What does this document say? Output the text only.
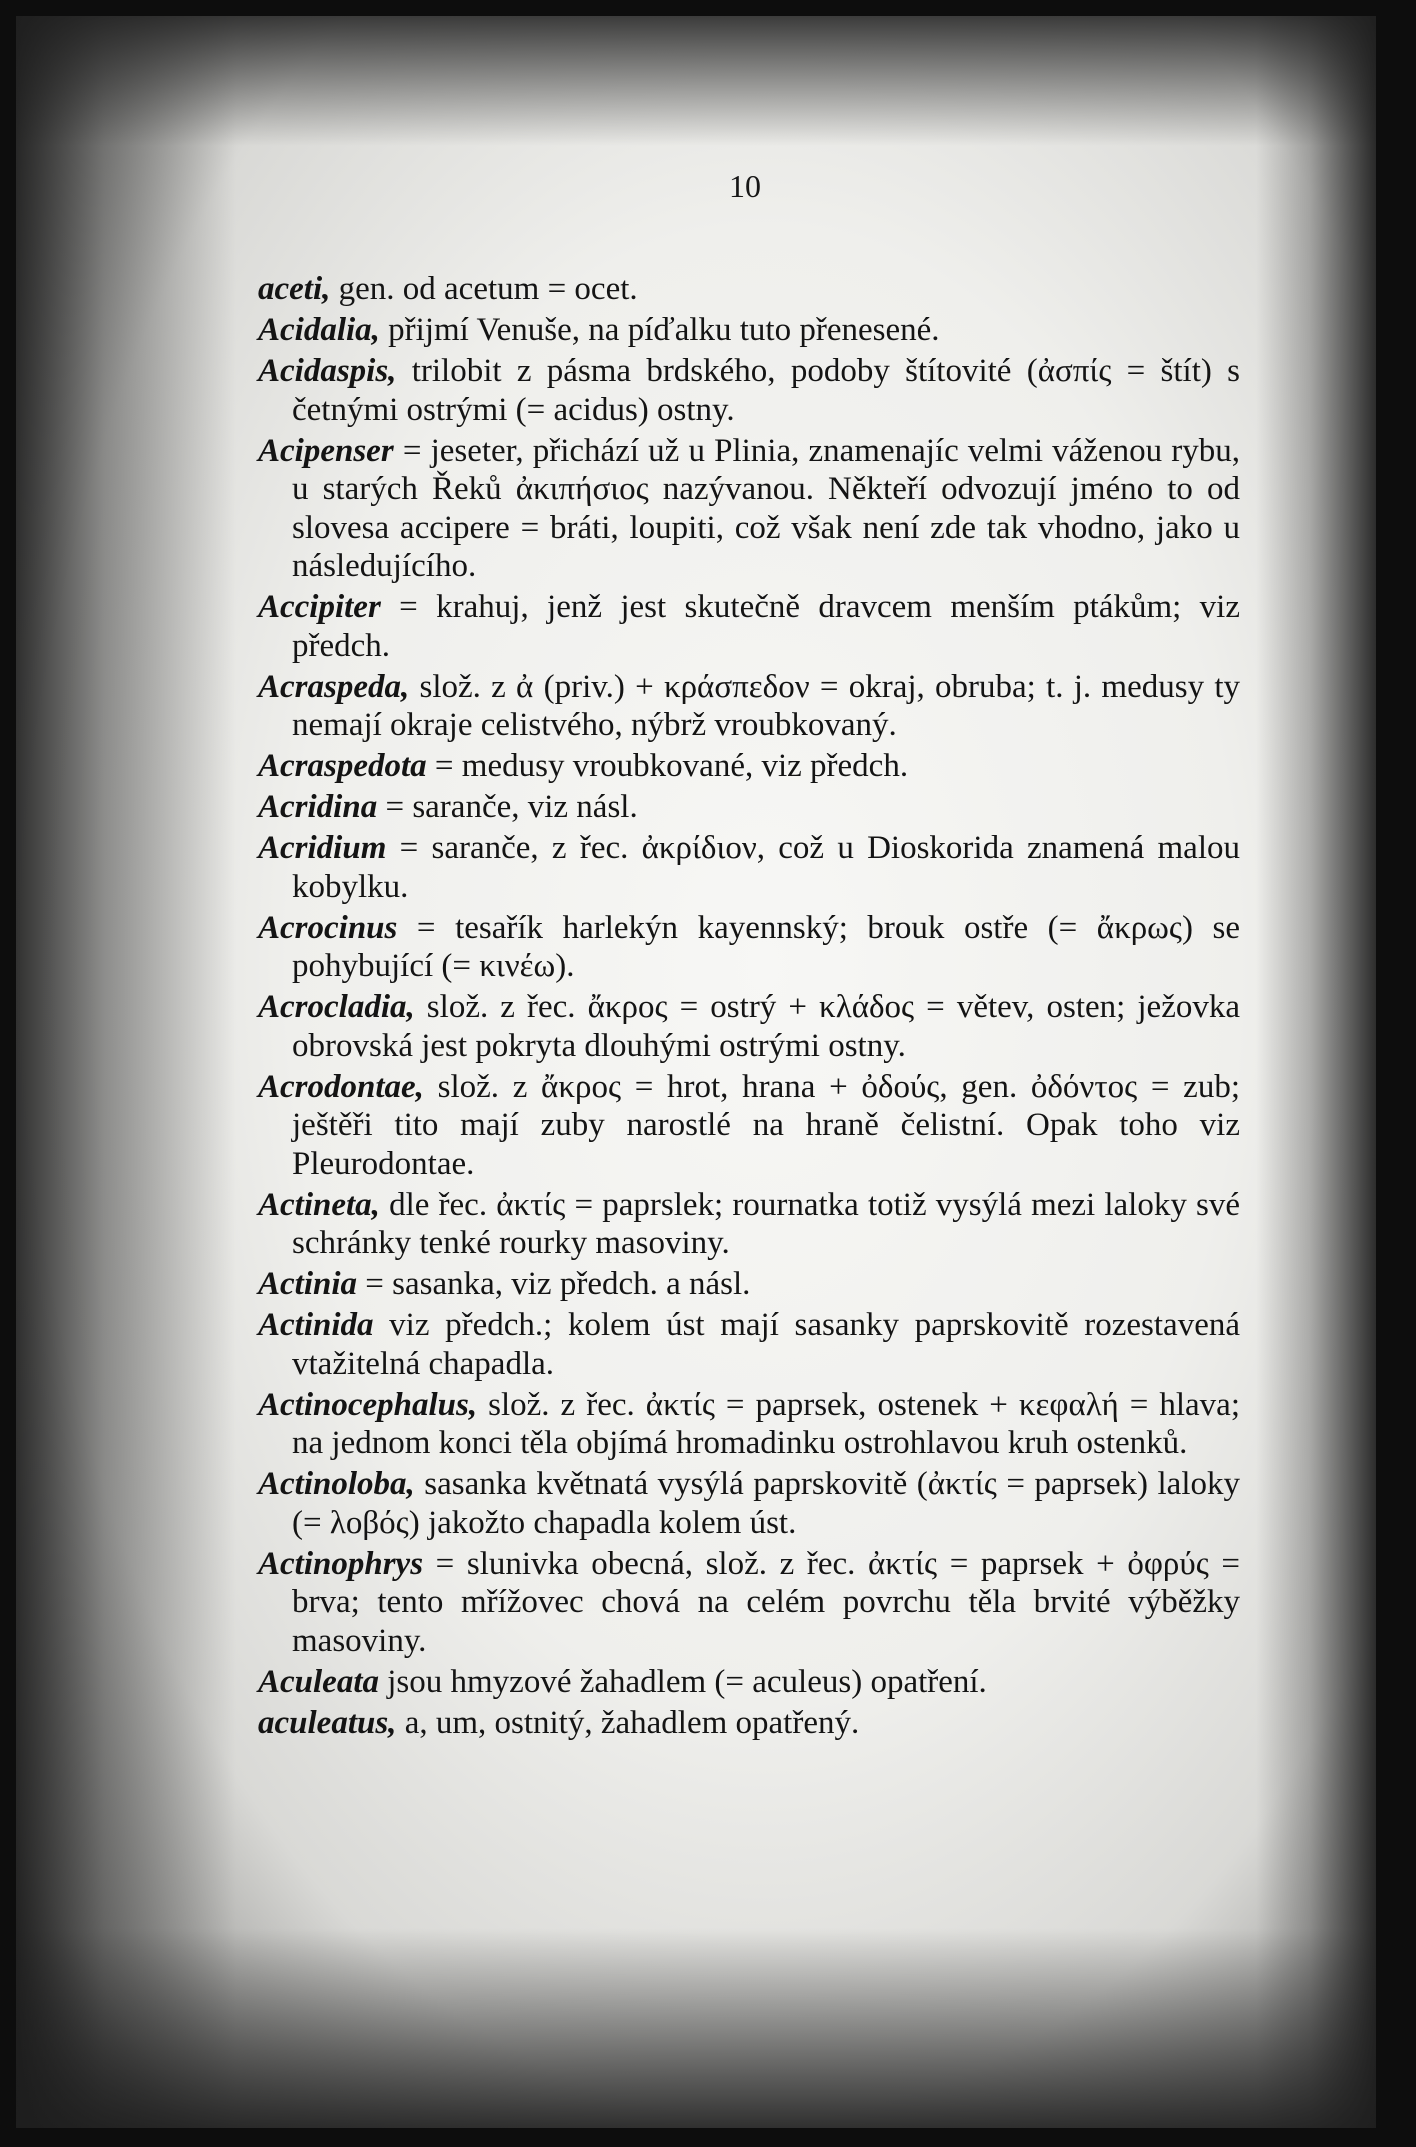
10

aceti, gen. od acetum = ocet.

Acidalia, přijmí Venuše, na píďalku tuto přenesené.

Acidaspis, trilobit z pásma brdského, podoby štítovité (ἀσπίς = štít) s četnými ostrými (= acidus) ostny.

Acipenser = jeseter, přichází už u Plinia, znamenajíc velmi váženou rybu, u starých Řeků ἀκιπήσιος nazývanou. Někteří odvozují jméno to od slovesa accipere = bráti, loupiti, což však není zde tak vhodno, jako u následujícího.

Accipiter = krahuj, jenž jest skutečně dravcem menším ptákům; viz předch.

Acraspeda, slož. z ἀ (priv.) + κράσπεδον = okraj, obruba; t. j. medusy ty nemají okraje celistvého, nýbrž vroubkovaný.

Acraspedota = medusy vroubkované, viz předch.

Acridina = saranče, viz násl.

Acridium = saranče, z řec. ἀκρίδιον, což u Dioskorida znamená malou kobylku.

Acrocinus = tesařík harlekýn kayennský; brouk ostře (= ἄκρως) se pohybující (= κινέω).

Acrocladia, slož. z řec. ἄκρος = ostrý + κλάδος = větev, osten; ježovka obrovská jest pokryta dlouhými ostrými ostny.

Acrodontae, slož. z ἄκρος = hrot, hrana + ὀδούς, gen. ὀδόντος = zub; ještěři tito mají zuby narostlé na hraně čelistní. Opak toho viz Pleurodontae.

Actineta, dle řec. ἀκτίς = paprslek; rournatka totiž vysýlá mezi laloky své schránky tenké rourky masoviny.

Actinia = sasanka, viz předch. a násl.

Actinida viz předch.; kolem úst mají sasanky paprskovitě rozestavená vtažitelná chapadla.

Actinocephalus, slož. z řec. ἀκτίς = paprsek, ostenek + κεφαλή = hlava; na jednom konci těla objímá hromadinku ostrohlavou kruh ostenků.

Actinoloba, sasanka květnatá vysýlá paprskovitě (ἀκτίς = paprsek) laloky (= λοβός) jakožto chapadla kolem úst.

Actinophrys = slunivka obecná, slož. z řec. ἀκτίς = paprsek + ὀφρύς = brva; tento mřížovec chová na celém povrchu těla brvité výběžky masoviny.

Aculeata jsou hmyzové žahadlem (= aculeus) opatření.

aculeatus, a, um, ostnitý, žahadlem opatřený.
